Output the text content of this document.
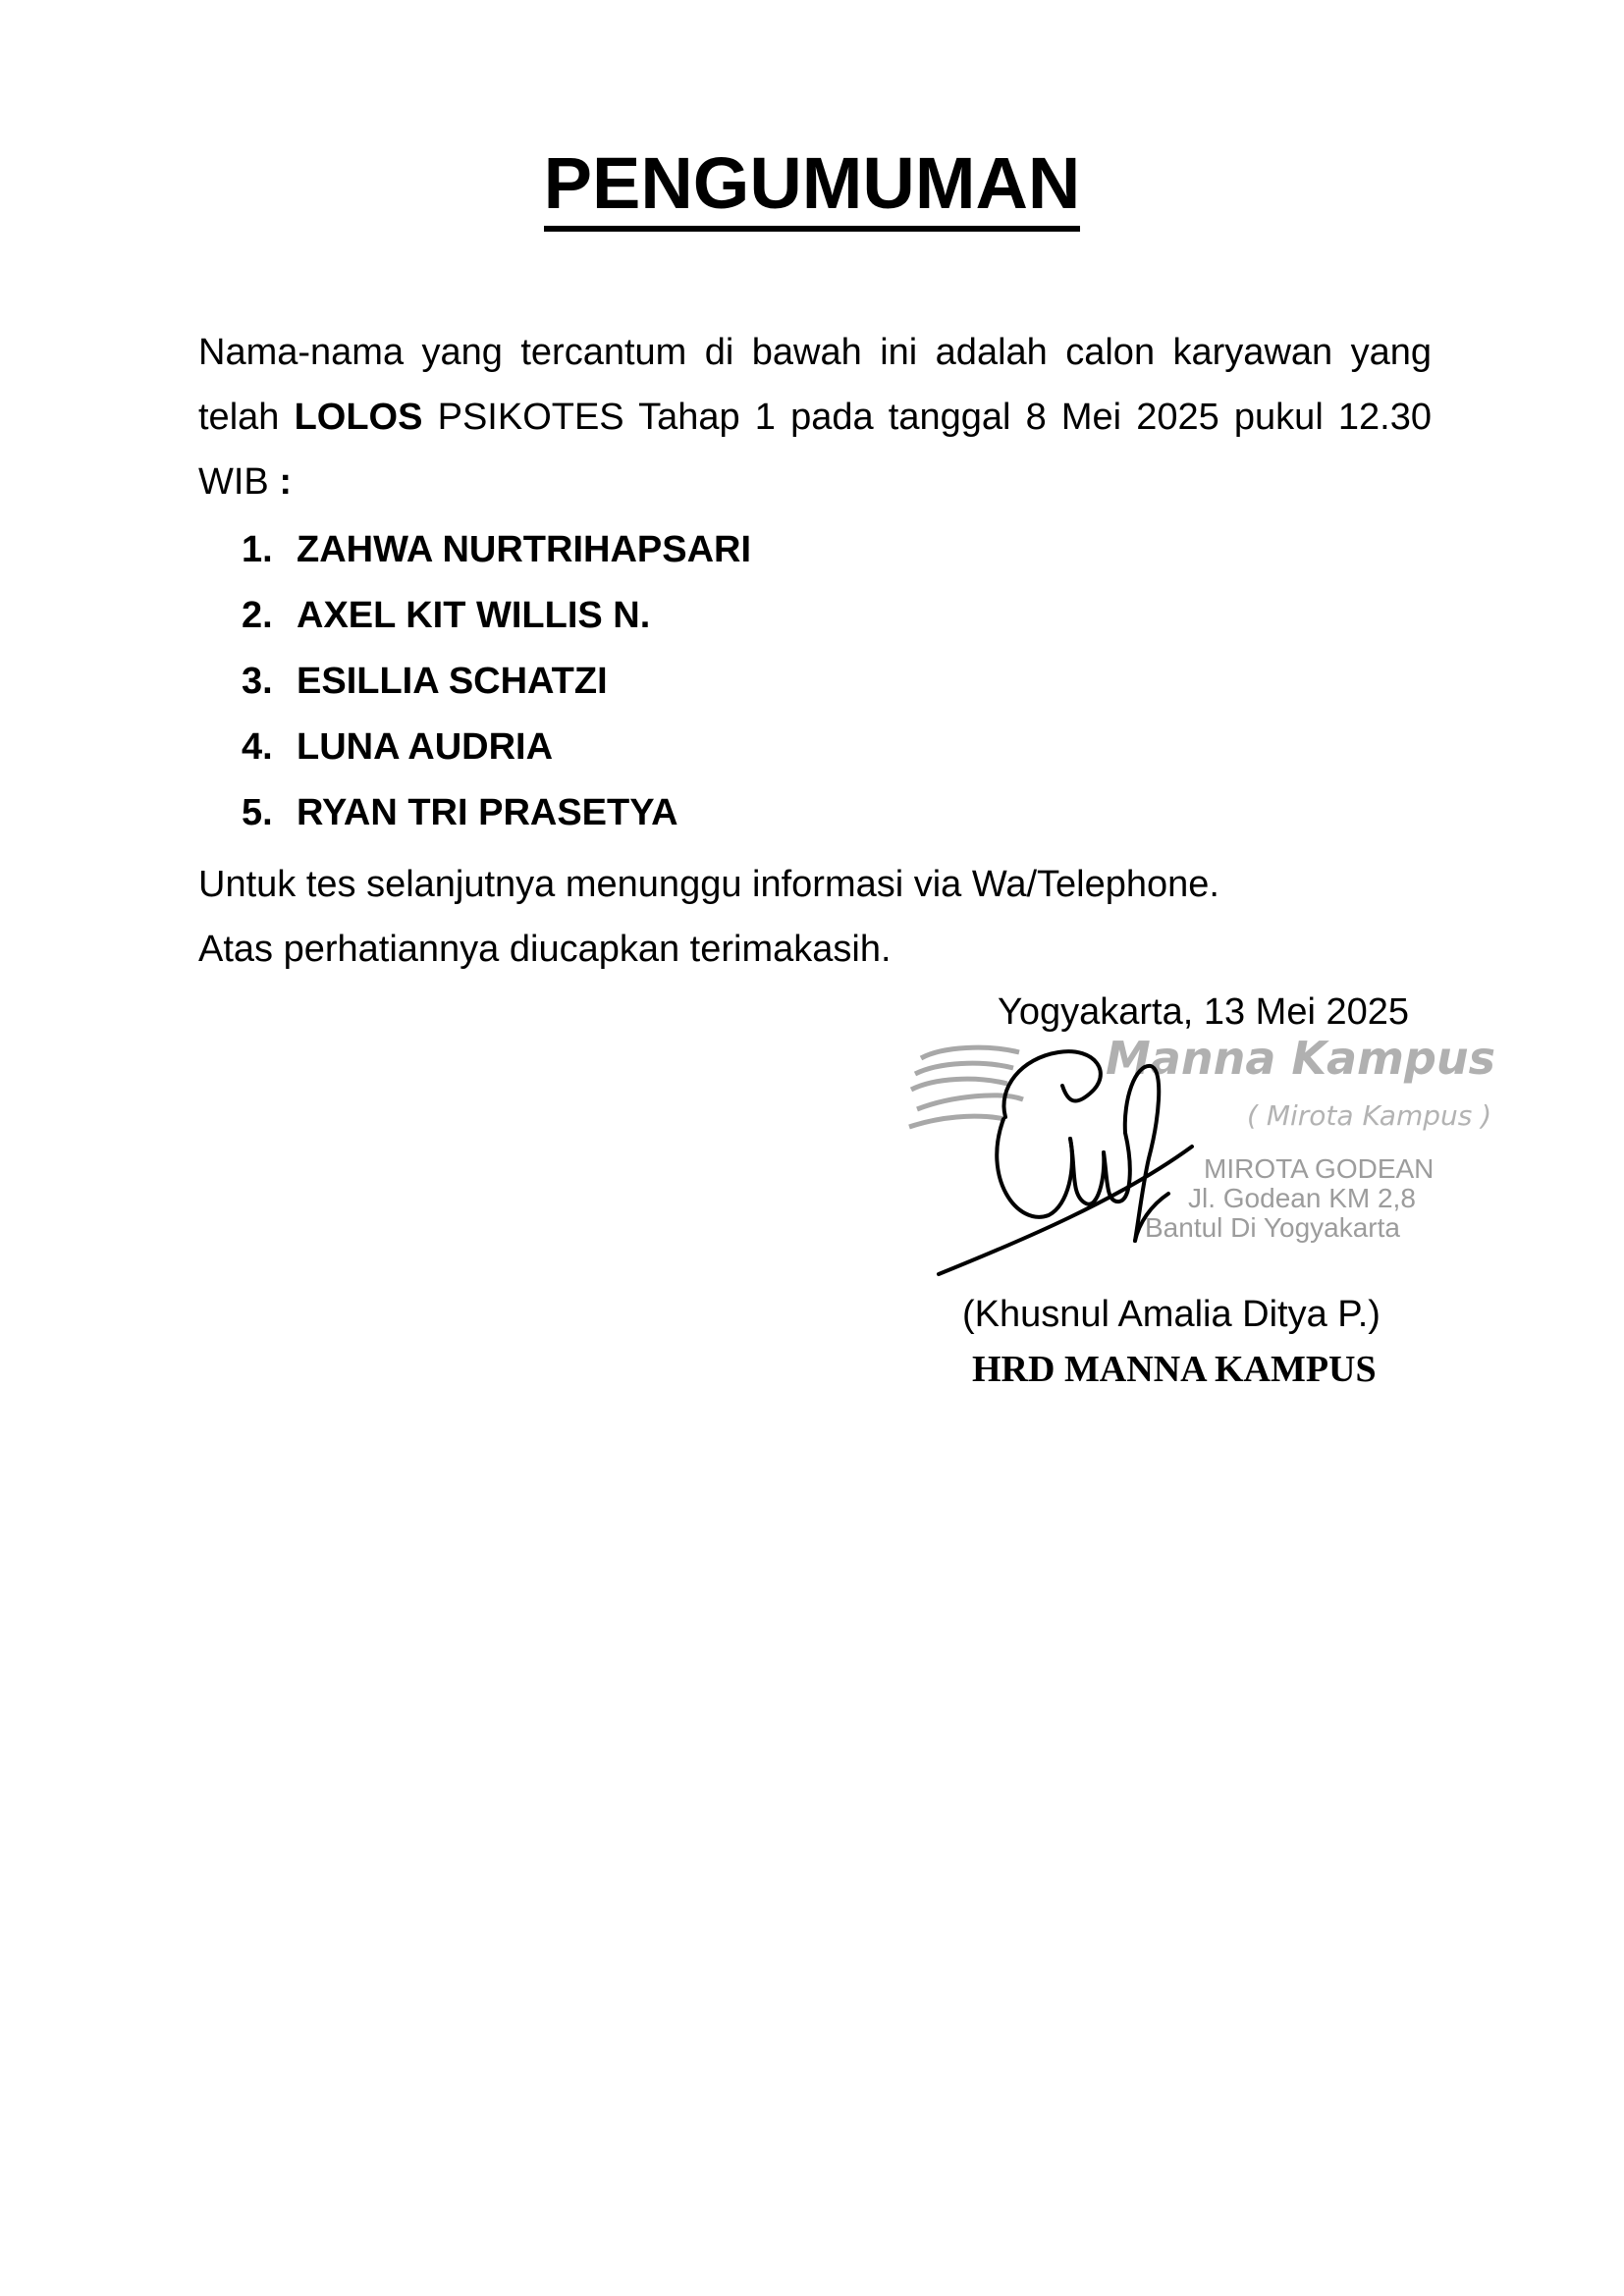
PENGUMUMAN
Nama-nama yang tercantum di bawah ini adalah calon karyawan yang telah LOLOS PSIKOTES Tahap 1 pada tanggal 8 Mei 2025 pukul 12.30 WIB :
1. ZAHWA NURTRIHAPSARI
2. AXEL KIT WILLIS N.
3. ESILLIA SCHATZI
4. LUNA AUDRIA
5. RYAN TRI PRASETYA
Untuk tes selanjutnya menunggu informasi via Wa/Telephone.
Atas perhatiannya diucapkan terimakasih.
Yogyakarta, 13 Mei 2025
Manna Kampus
( Mirota Kampus )
MIROTA GODEAN
Jl. Godean KM 2,8
Bantul Di Yogyakarta
(Khusnul Amalia Ditya P.)
HRD MANNA KAMPUS
